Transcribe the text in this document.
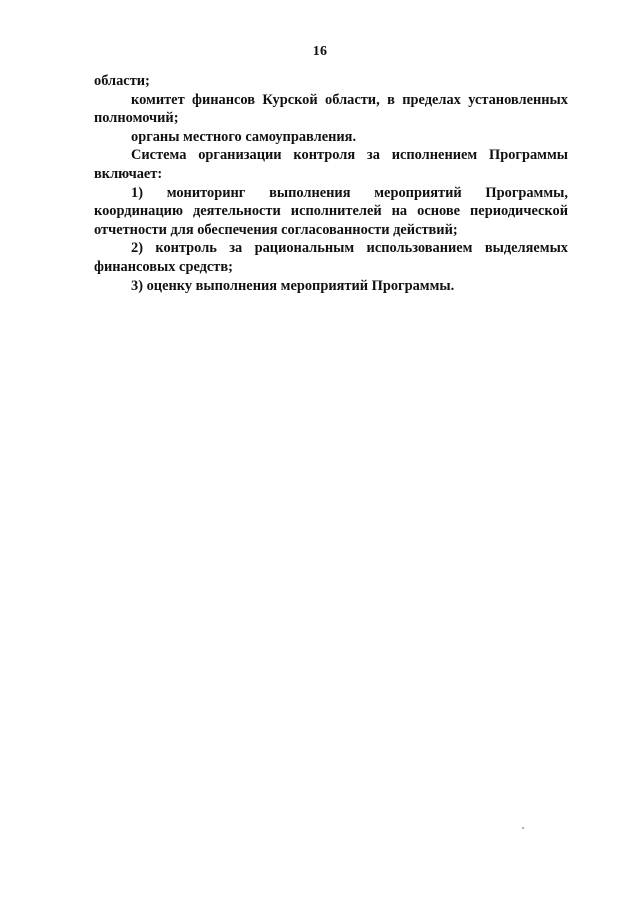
16

области;

комитет финансов Курской области, в пределах установленных полномочий;

органы местного самоуправления.

Система организации контроля за исполнением Программы включает:

1) мониторинг выполнения мероприятий Программы, координацию деятельности исполнителей на основе периодической отчетности для обеспечения согласованности действий;

2) контроль за рациональным использованием выделяемых финансовых средств;

3) оценку выполнения мероприятий Программы.
